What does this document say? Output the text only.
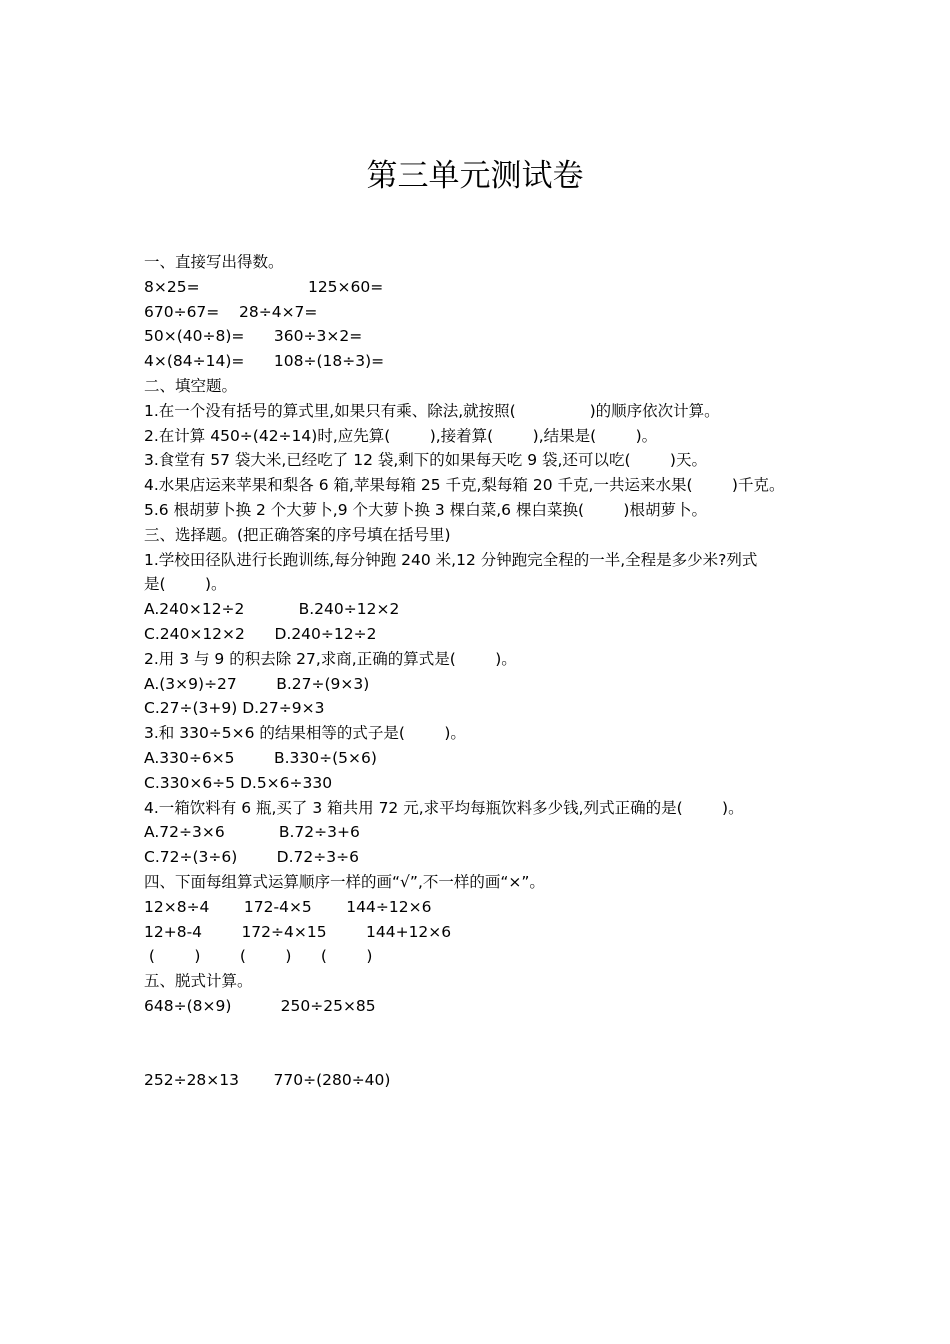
第三单元测试卷
一、直接写出得数。
8×25=                      125×60=
670÷67=    28÷4×7=
50×(40÷8)=      360÷3×2=
4×(84÷14)=      108÷(18÷3)=
二、填空题。
1.在一个没有括号的算式里,如果只有乘、除法,就按照(               )的顺序依次计算。
2.在计算 450÷(42÷14)时,应先算(        ),接着算(        ),结果是(        )。
3.食堂有 57 袋大米,已经吃了 12 袋,剩下的如果每天吃 9 袋,还可以吃(        )天。
4.水果店运来苹果和梨各 6 箱,苹果每箱 25 千克,梨每箱 20 千克,一共运来水果(        )千克。
5.6 根胡萝卜换 2 个大萝卜,9 个大萝卜换 3 棵白菜,6 棵白菜换(        )根胡萝卜。
三、选择题。(把正确答案的序号填在括号里)
1.学校田径队进行长跑训练,每分钟跑 240 米,12 分钟跑完全程的一半,全程是多少米?列式
是(        )。
A.240×12÷2           B.240÷12×2
C.240×12×2      D.240÷12÷2
2.用 3 与 9 的积去除 27,求商,正确的算式是(        )。
A.(3×9)÷27        B.27÷(9×3)
C.27÷(3+9) D.27÷9×3
3.和 330÷5×6 的结果相等的式子是(        )。
A.330÷6×5        B.330÷(5×6)
C.330×6÷5 D.5×6÷330
4.一箱饮料有 6 瓶,买了 3 箱共用 72 元,求平均每瓶饮料多少钱,列式正确的是(        )。
A.72÷3×6           B.72÷3+6
C.72÷(3÷6)        D.72÷3÷6
四、下面每组算式运算顺序一样的画“√”,不一样的画“×”。
12×8÷4       172-4×5       144÷12×6
12+8-4        172÷4×15        144+12×6
(        )        (        )      (        )
五、脱式计算。
648÷(8×9)          250÷25×85
252÷28×13       770÷(280÷40)
